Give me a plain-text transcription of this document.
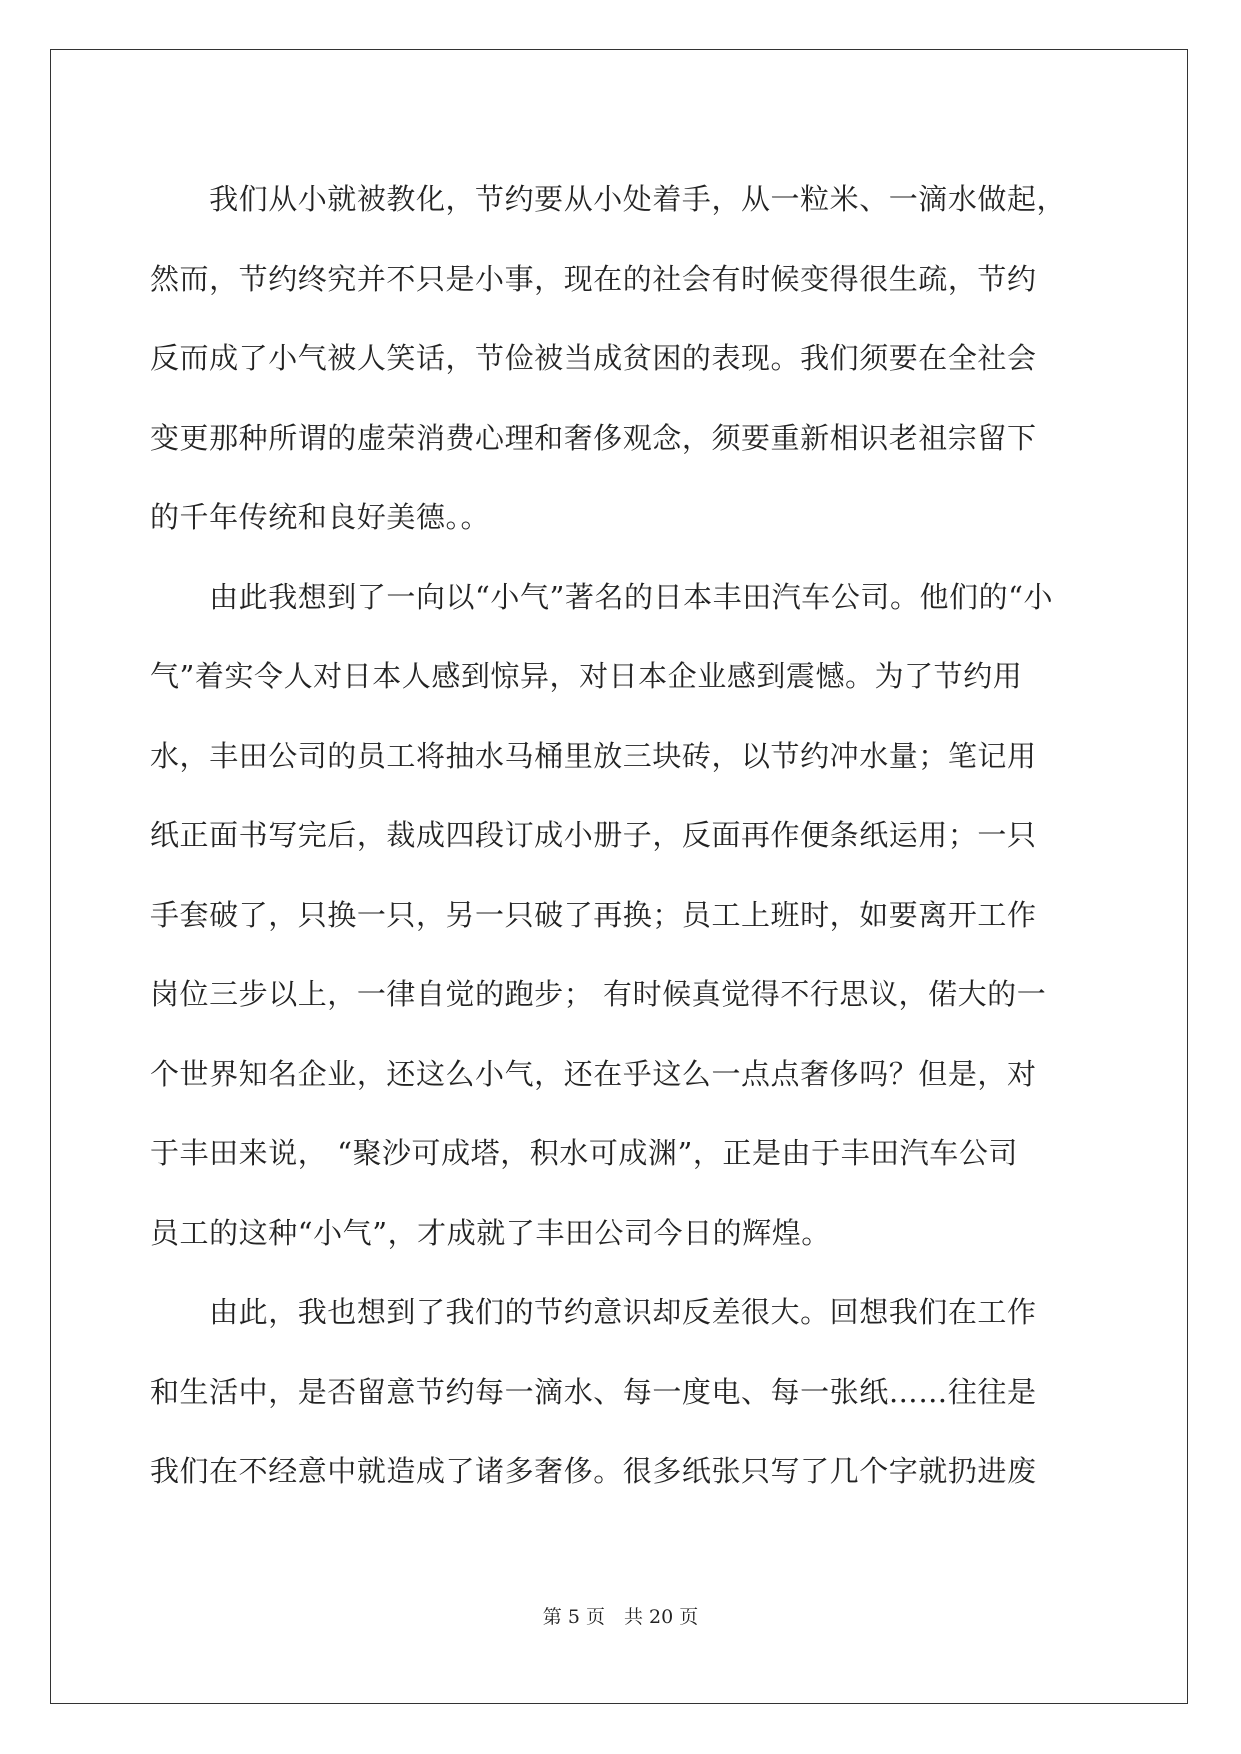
　　我们从小就被教化，节约要从小处着手，从一粒米、一滴水做起，
然而，节约终究并不只是小事，现在的社会有时候变得很生疏，节约
反而成了小气被人笑话，节俭被当成贫困的表现。我们须要在全社会
变更那种所谓的虚荣消费心理和奢侈观念，须要重新相识老祖宗留下
的千年传统和良好美德。。
　　由此我想到了一向以“小气”著名的日本丰田汽车公司。他们的“小
气”着实令人对日本人感到惊异，对日本企业感到震憾。为了节约用
水，丰田公司的员工将抽水马桶里放三块砖，以节约冲水量；笔记用
纸正面书写完后，裁成四段订成小册子，反面再作便条纸运用；一只
手套破了，只换一只，另一只破了再换；员工上班时，如要离开工作
岗位三步以上，一律自觉的跑步； 有时候真觉得不行思议，偌大的一
个世界知名企业，还这么小气，还在乎这么一点点奢侈吗？但是，对
于丰田来说， “聚沙可成塔，积水可成渊”，正是由于丰田汽车公司
员工的这种“小气”，才成就了丰田公司今日的辉煌。
　　由此，我也想到了我们的节约意识却反差很大。回想我们在工作
和生活中，是否留意节约每一滴水、每一度电、每一张纸……往往是
我们在不经意中就造成了诸多奢侈。很多纸张只写了几个字就扔进废
第 5 页　共 20 页
